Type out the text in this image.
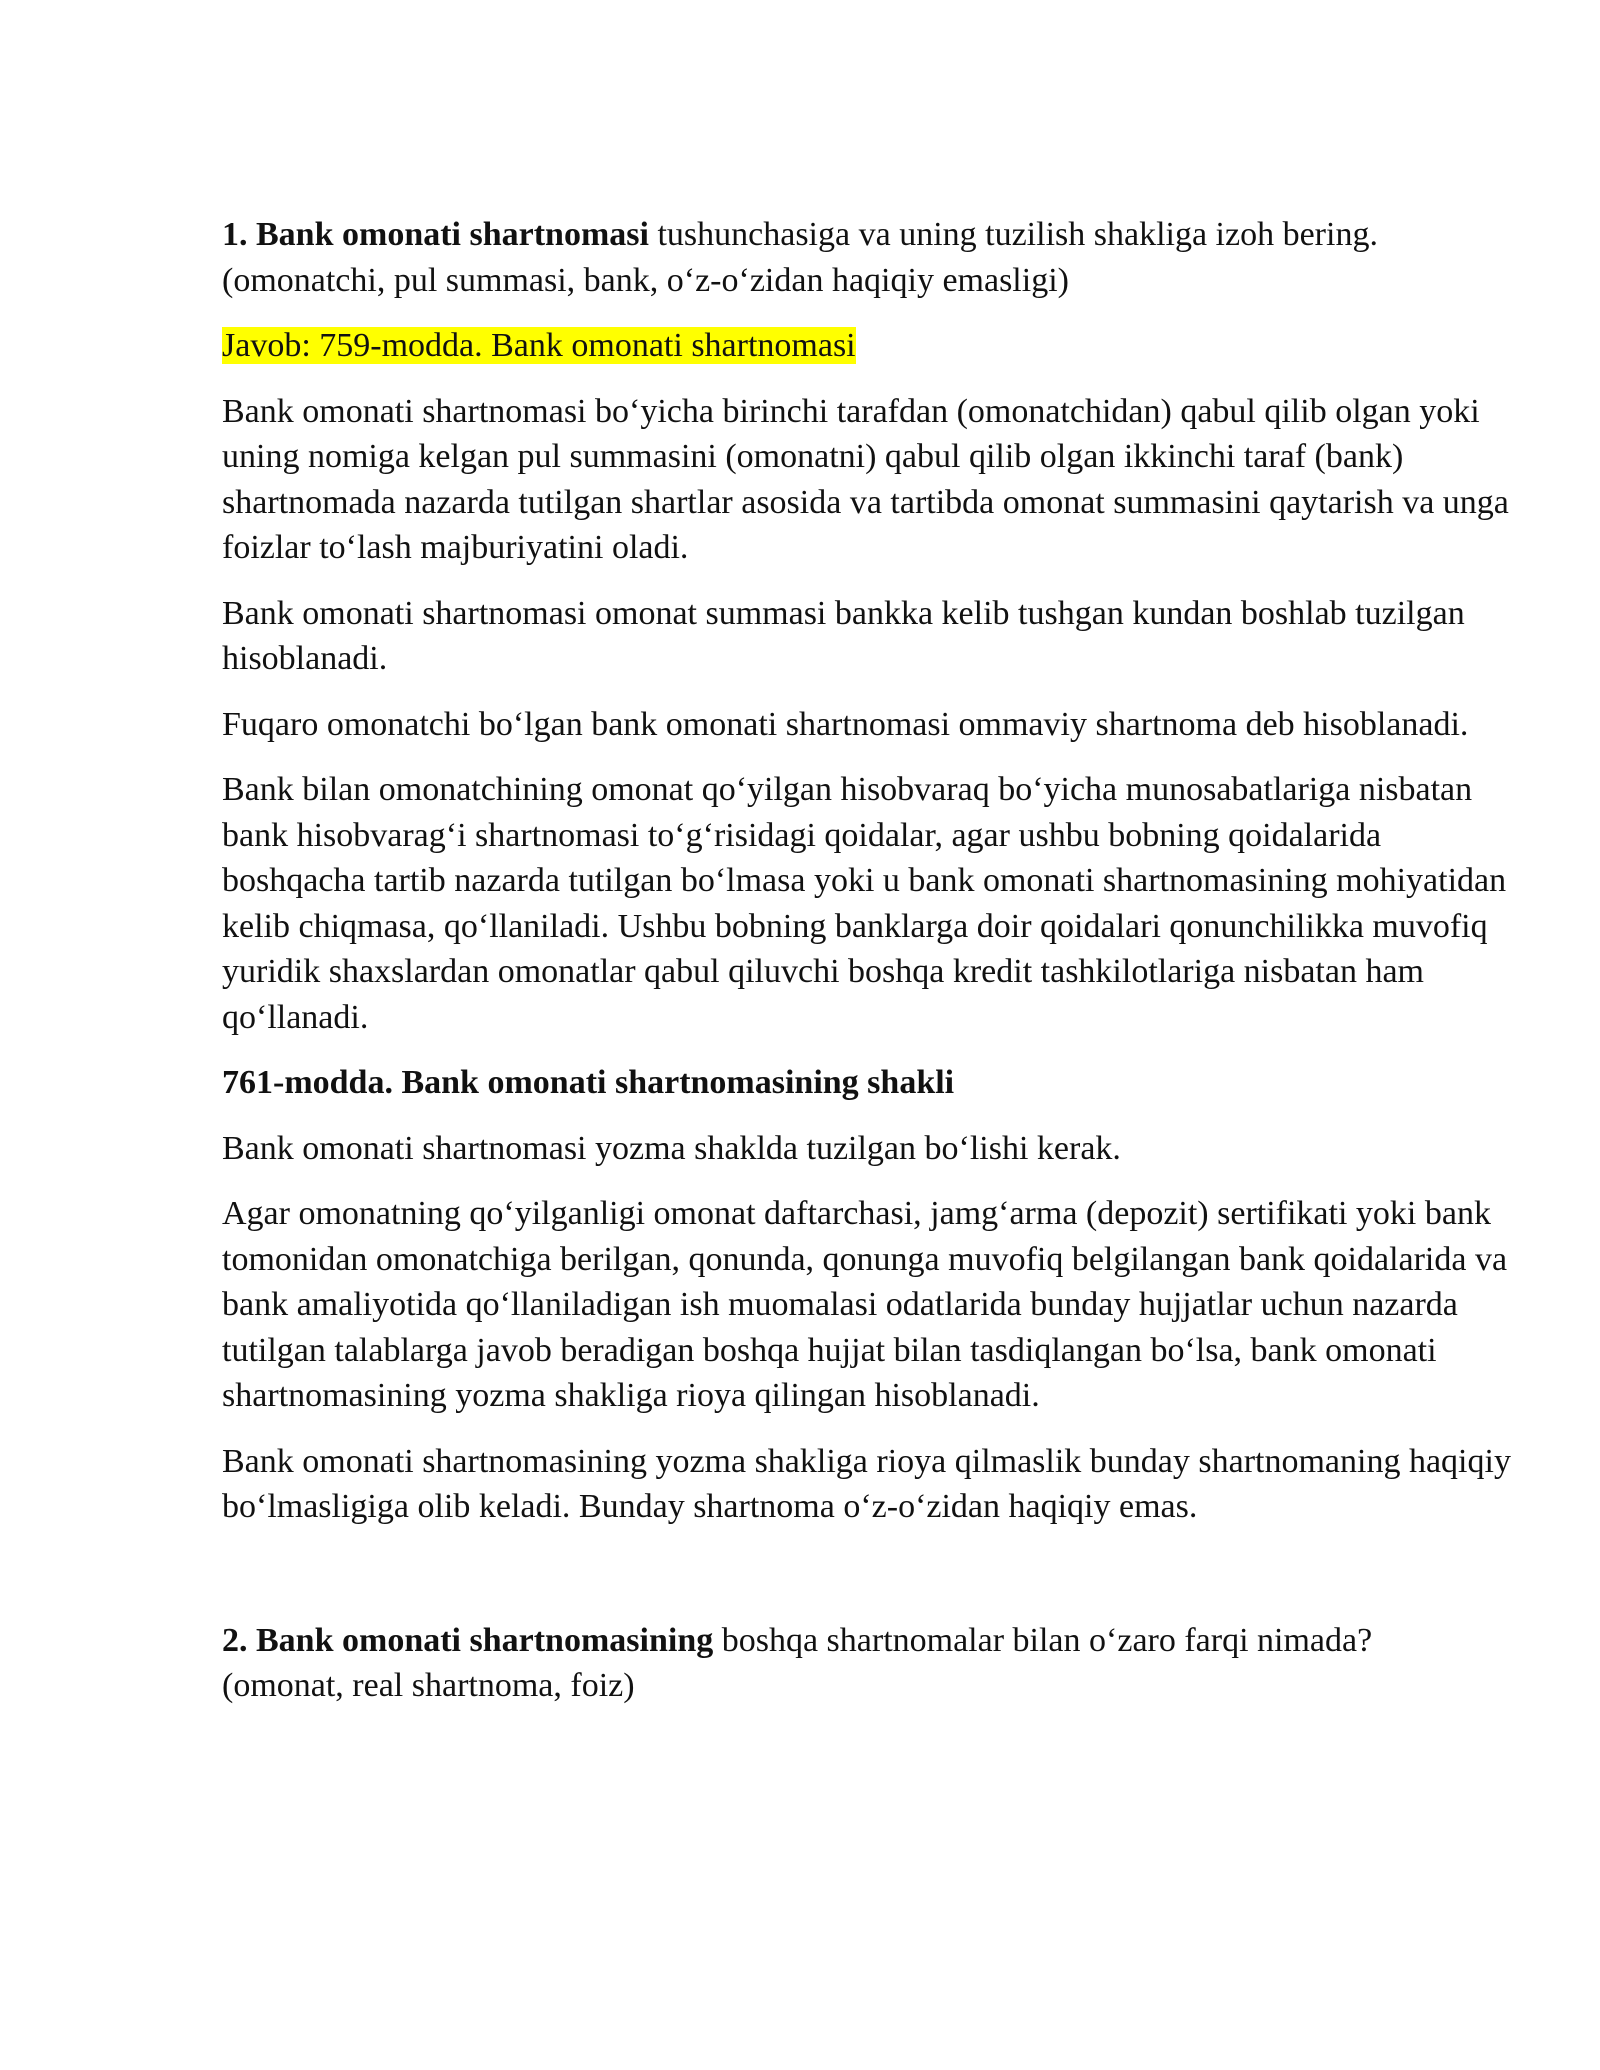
1. Bank omonati shartnomasi tushunchasiga va uning tuzilish shakliga izoh bering.
(omonatchi, pul summasi, bank, o‘z-o‘zidan haqiqiy emasligi)

Javob: 759-modda. Bank omonati shartnomasi

Bank omonati shartnomasi bo‘yicha birinchi tarafdan (omonatchidan) qabul qilib olgan yoki uning nomiga kelgan pul summasini (omonatni) qabul qilib olgan ikkinchi taraf (bank) shartnomada nazarda tutilgan shartlar asosida va tartibda omonat summasini qaytarish va unga foizlar to‘lash majburiyatini oladi.

Bank omonati shartnomasi omonat summasi bankka kelib tushgan kundan boshlab tuzilgan hisoblanadi.

Fuqaro omonatchi bo‘lgan bank omonati shartnomasi ommaviy shartnoma deb hisoblanadi.

Bank bilan omonatchining omonat qo‘yilgan hisobvaraq bo‘yicha munosabatlariga nisbatan bank hisobvarag‘i shartnomasi to‘g‘risidagi qoidalar, agar ushbu bobning qoidalarida boshqacha tartib nazarda tutilgan bo‘lmasa yoki u bank omonati shartnomasining mohiyatidan kelib chiqmasa, qo‘llaniladi. Ushbu bobning banklarga doir qoidalari qonunchilikka muvofiq yuridik shaxslardan omonatlar qabul qiluvchi boshqa kredit tashkilotlariga nisbatan ham qo‘llanadi.

761-modda. Bank omonati shartnomasining shakli

Bank omonati shartnomasi yozma shaklda tuzilgan bo‘lishi kerak.

Agar omonatning qo‘yilganligi omonat daftarchasi, jamg‘arma (depozit) sertifikati yoki bank tomonidan omonatchiga berilgan, qonunda, qonunga muvofiq belgilangan bank qoidalarida va bank amaliyotida qo‘llaniladigan ish muomalasi odatlarida bunday hujjatlar uchun nazarda tutilgan talablarga javob beradigan boshqa hujjat bilan tasdiqlangan bo‘lsa, bank omonati shartnomasining yozma shakliga rioya qilingan hisoblanadi.

Bank omonati shartnomasining yozma shakliga rioya qilmaslik bunday shartnomaning haqiqiy bo‘lmasligiga olib keladi. Bunday shartnoma o‘z-o‘zidan haqiqiy emas.

2. Bank omonati shartnomasining boshqa shartnomalar bilan o‘zaro farqi nimada?
(omonat, real shartnoma, foiz)
